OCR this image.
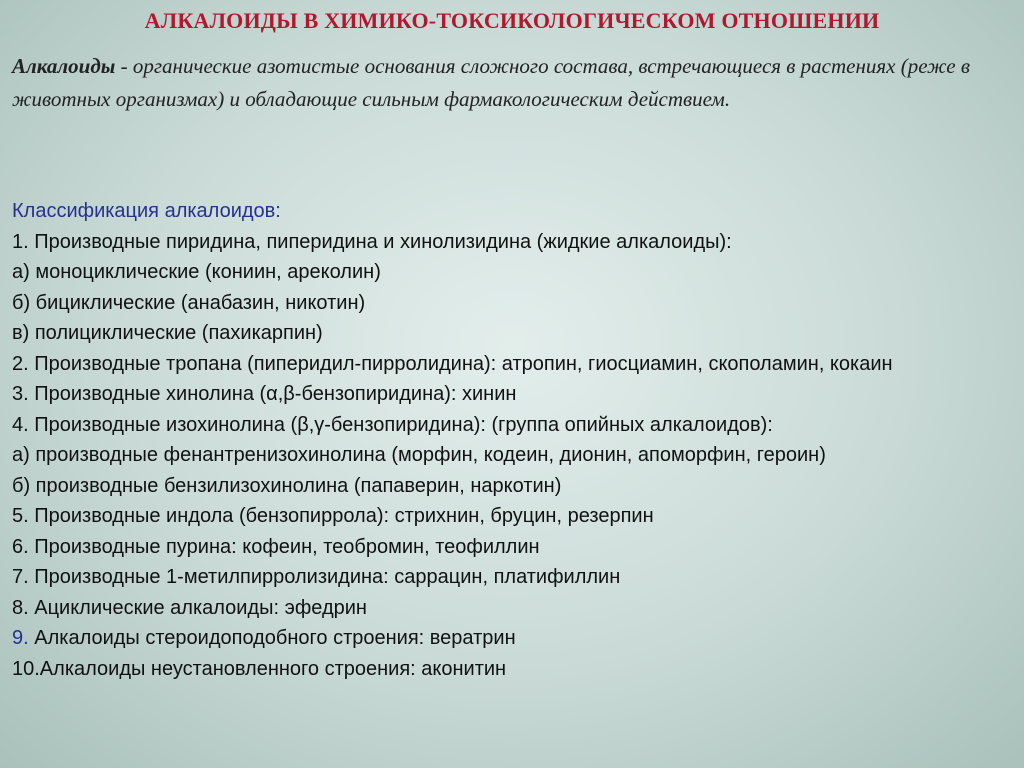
АЛКАЛОИДЫ В ХИМИКО-ТОКСИКОЛОГИЧЕСКОМ ОТНОШЕНИИ
Алкалоиды - органические азотистые основания сложного состава, встречающиеся в растениях (реже в животных организмах) и обладающие сильным фармакологическим действием.
Классификация алкалоидов:
1. Производные пиридина, пиперидина и хинолизидина (жидкие алкалоиды):
а) моноциклические (кониин, ареколин)
б) бициклические (анабазин, никотин)
в) полициклические (пахикарпин)
2. Производные тропана (пиперидил-пирролидина): атропин, гиосциамин, скополамин, кокаин
3. Производные хинолина (α,β-бензопиридина): хинин
4. Производные изохинолина (β,γ-бензопиридина): (группа опийных алкалоидов):
а) производные фенантренизохинолина (морфин, кодеин, дионин, апоморфин, героин)
б) производные бензилизохинолина (папаверин, наркотин)
5. Производные индола (бензопиррола): стрихнин, бруцин, резерпин
6. Производные пурина: кофеин, теобромин, теофиллин
7. Производные 1-метилпирролизидина: саррацин, платифиллин
8. Ациклические алкалоиды: эфедрин
9. Алкалоиды стероидоподобного строения: вератрин
10.Алкалоиды неустановленного строения: аконитин
